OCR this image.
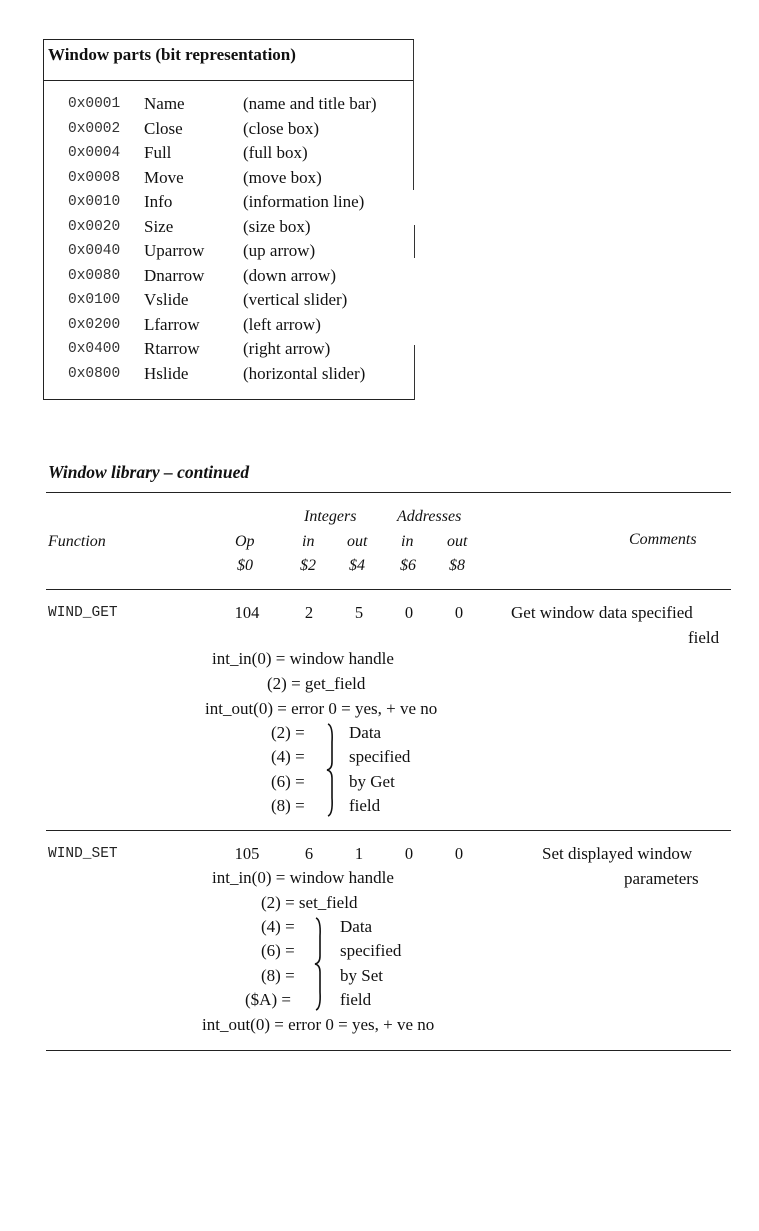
Window parts (bit representation)
0x0001 Name	(name and title bar)
0x0002 Close	(close box)
0x0004 Full	(full box)
0x0008 Move	(move box)
0x0010 Info	(information line)
0x0020 Size	(size box)
0x0040 Uparrow (up arrow)
0x0080 Dnarrow (down arrow)
0x0100 Vslide	(vertical slider)
0x0200 Lfarrow	(left arrow)
0x0400 Rtarrow	(right arrow)
0x0800 Hslide	(horizontal slider)
Window library – continued
Integers	Addresses
Function	Op	in out in out	Comments
$0	$2 $4 $6 $8
WIND_GET	104	2	5	0	0	Get window data specified
field
int_in(0) = window handle
(2) = get_field
int_out(0) = error 0 = yes, + ve no
(2) =
(4) =
(6) =
(8) =
Data
specified
by Get
field
WIND_SET	105	6	1	0	0	Set displayed window
parameters
int_in(0) = window handle
(2) = set_field
(4) =
(6) =
(8) =
($A) =
Data
specified
by Set
field
int_out(0) = error 0 = yes, + ve no
